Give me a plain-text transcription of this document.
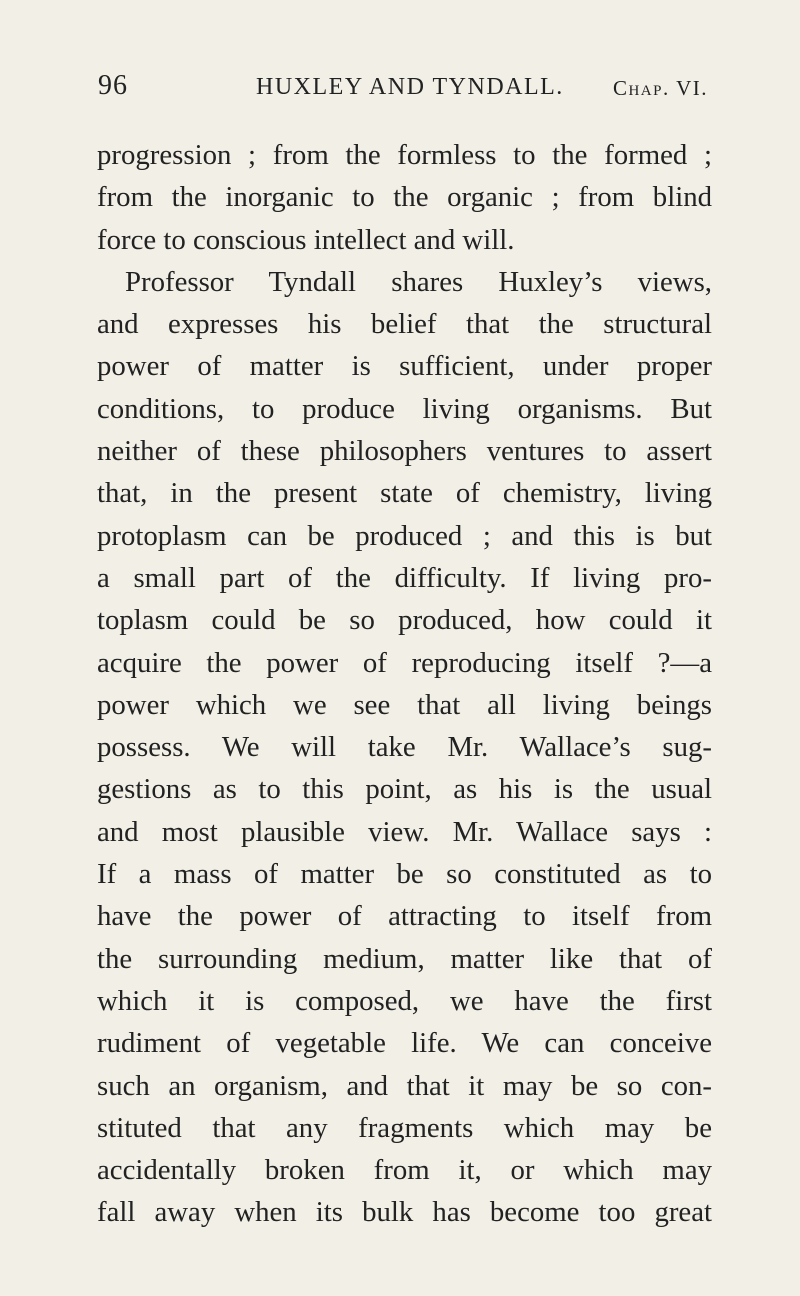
96	HUXLEY AND TYNDALL. Chap. VI.
progression ; from the formless to the formed ;
from the inorganic to the organic ; from blind
force to conscious intellect and will.
Professor Tyndall shares Huxley’s views,
and expresses his belief that the structural
power of matter is sufficient, under proper
conditions, to produce living organisms. But
neither of these philosophers ventures to assert
that, in the present state of chemistry, living
protoplasm can be produced ; and this is but
a small part of the difficulty. If living pro-
toplasm could be so produced, how could it
acquire the power of reproducing itself ?—a
power which we see that all living beings
possess. We will take Mr. Wallace’s sug-
gestions as to this point, as his is the usual
and most plausible view. Mr. Wallace says :
If a mass of matter be so constituted as to
have the power of attracting to itself from
the surrounding medium, matter like that of
which it is composed, we have the first
rudiment of vegetable life. We can conceive
such an organism, and that it may be so con-
stituted that any fragments which may be
accidentally broken from it, or which may
fall away when its bulk has become too great
